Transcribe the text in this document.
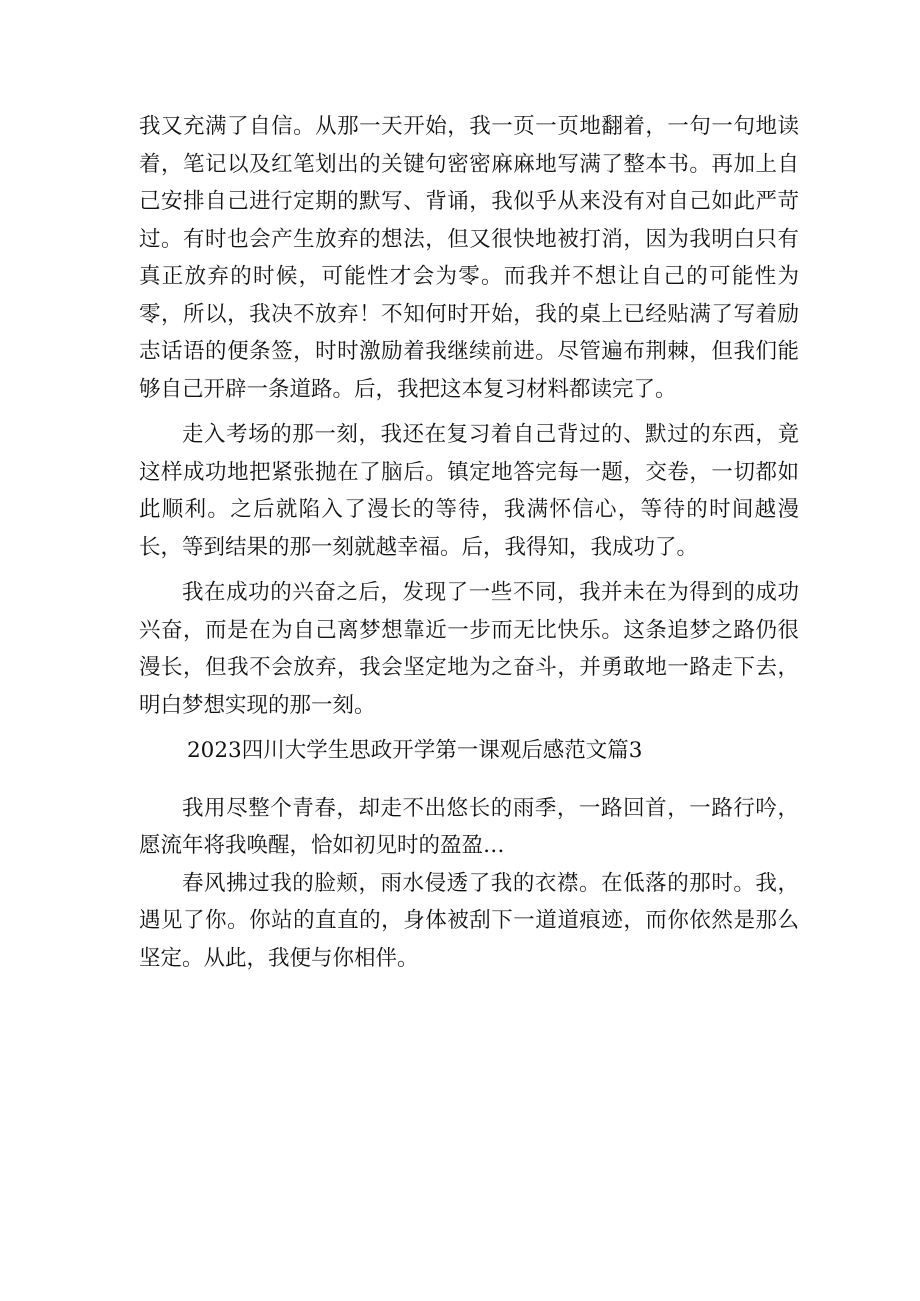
我又充满了自信。从那一天开始，我一页一页地翻着，一句一句地读着，笔记以及红笔划出的关键句密密麻麻地写满了整本书。再加上自己安排自己进行定期的默写、背诵，我似乎从来没有对自己如此严苛过。有时也会产生放弃的想法，但又很快地被打消，因为我明白只有真正放弃的时候，可能性才会为零。而我并不想让自己的可能性为零，所以，我决不放弃！不知何时开始，我的桌上已经贴满了写着励志话语的便条签，时时激励着我继续前进。尽管遍布荆棘，但我们能够自己开辟一条道路。后，我把这本复习材料都读完了。

走入考场的那一刻，我还在复习着自己背过的、默过的东西，竟这样成功地把紧张抛在了脑后。镇定地答完每一题，交卷，一切都如此顺利。之后就陷入了漫长的等待，我满怀信心，等待的时间越漫长，等到结果的那一刻就越幸福。后，我得知，我成功了。

我在成功的兴奋之后，发现了一些不同，我并未在为得到的成功兴奋，而是在为自己离梦想靠近一步而无比快乐。这条追梦之路仍很漫长，但我不会放弃，我会坚定地为之奋斗，并勇敢地一路走下去，明白梦想实现的那一刻。

2023四川大学生思政开学第一课观后感范文篇3

我用尽整个青春，却走不出悠长的雨季，一路回首，一路行吟，愿流年将我唤醒，恰如初见时的盈盈…

春风拂过我的脸颊，雨水侵透了我的衣襟。在低落的那时。我，遇见了你。你站的直直的，身体被刮下一道道痕迹，而你依然是那么坚定。从此，我便与你相伴。
